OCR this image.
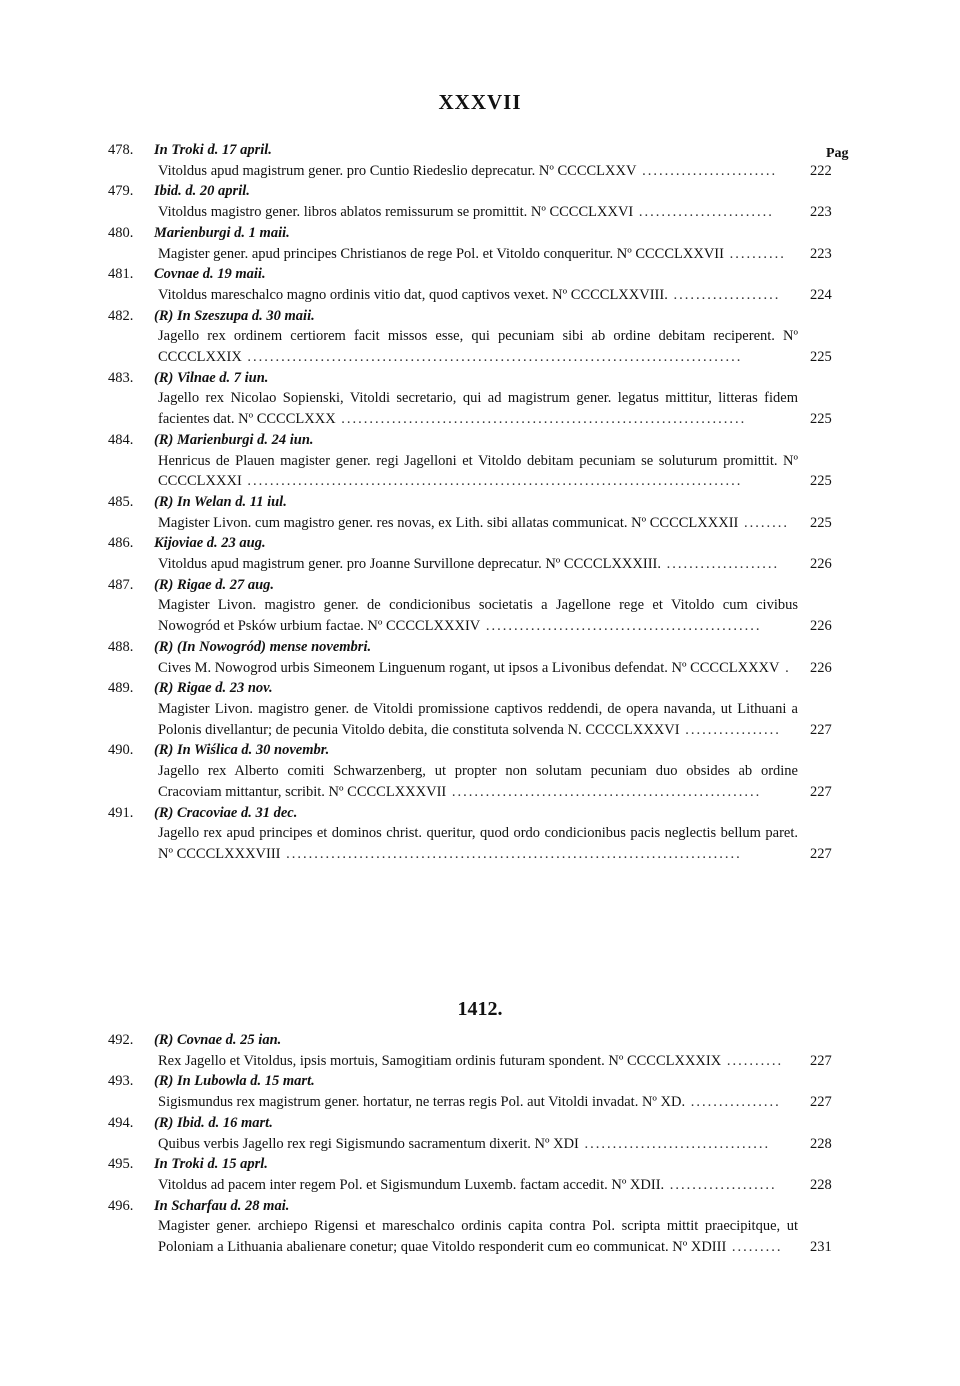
XXXVII
Pag
478.	In Troki d. 17 april.
Vitoldus apud magistrum gener. pro Cuntio Riedeslio deprecatur. Nº CCCCLXXV ........................ 222
479.	Ibid. d. 20 april.
Vitoldus magistro gener. libros ablatos remissurum se promittit. Nº CCCCLXXVI ........................ 223
480.	Marienburgi d. 1 maii.
Magister gener. apud principes Christianos de rege Pol. et Vitoldo conqueritur. Nº CCCCLXXVII .......... 223
481.	Covnae d. 19 maii.
Vitoldus mareschalco magno ordinis vitio dat, quod captivos vexet. Nº CCCCLXXVIII. ................... 224
482.	(R) In Szeszupa d. 30 maii.
Jagello rex ordinem certiorem facit missos esse, qui pecuniam sibi ab ordine debitam reciperent. Nº CCCCLXXIX ........................................................................................	225
483.	(R) Vilnae d. 7 iun.
Jagello rex Nicolao Sopienski, Vitoldi secretario, qui ad magistrum gener. legatus mittitur, litteras fidem facientes dat. Nº CCCCLXXX ........................................................................	225
484.	(R) Marienburgi d. 24 iun.
Henricus de Plauen magister gener. regi Jagelloni et Vitoldo debitam pecuniam se soluturum promittit. Nº CCCCLXXXI ........................................................................................	225
485.	(R) In Welan d. 11 iul.
Magister Livon. cum magistro gener. res novas, ex Lith. sibi allatas communicat. Nº CCCCLXXXII ........ 225
486.	Kijoviae d. 23 aug.
Vitoldus apud magistrum gener. pro Joanne Survillone deprecatur. Nº CCCCLXXXIII. .................... 226
487.	(R) Rigae d. 27 aug.
Magister Livon. magistro gener. de condicionibus societatis a Jagellone rege et Vitoldo cum civibus Nowogród et Psków urbium factae. Nº CCCCLXXXIV .................................................	226
488.	(R) (In Nowogród) mense novembri.
Cives M. Nowogrod urbis Simeonem Linguenum rogant, ut ipsos a Livonibus defendat. Nº CCCCLXXXV . 226
489.	(R) Rigae d. 23 nov.
Magister Livon. magistro gener. de Vitoldi promissione captivos reddendi, de opera navanda, ut Lithuani a Polonis divellantur; de pecunia Vitoldo debita, die constituta solvenda N. CCCCLXXXVI ................. 227
490.	(R) In Wiślica d. 30 novembr.
Jagello rex Alberto comiti Schwarzenberg, ut propter non solutam pecuniam duo obsides ab ordine Cracoviam mittantur, scribit. Nº CCCCLXXXVII .......................................................	227
491.	(R) Cracoviae d. 31 dec.
Jagello rex apud principes et dominos christ. queritur, quod ordo condicionibus pacis neglectis bellum paret. Nº CCCCLXXXVIII .................................................................................	227
1412.
492.	(R) Covnae d. 25 ian.
Rex Jagello et Vitoldus, ipsis mortuis, Samogitiam ordinis futuram spondent. Nº CCCCLXXXIX .......... 227
493.	(R) In Lubowla d. 15 mart.
Sigismundus rex magistrum gener. hortatur, ne terras regis Pol. aut Vitoldi invadat. Nº XD. ................ 227
494.	(R) Ibid. d. 16 mart.
Quibus verbis Jagello rex regi Sigismundo sacramentum dixerit. Nº XDI .................................	228
495.	In Troki d. 15 aprl.
Vitoldus ad pacem inter regem Pol. et Sigismundum Luxemb. factam accedit. Nº XDII. ................... 228
496.	In Scharfau d. 28 mai.
Magister gener. archiepo Rigensi et mareschalco ordinis capita contra Pol. scripta mittit praecipitque, ut Poloniam a Lithuania abalienare conetur; quae Vitoldo responderit cum eo communicat. Nº XDIII ......... 231
